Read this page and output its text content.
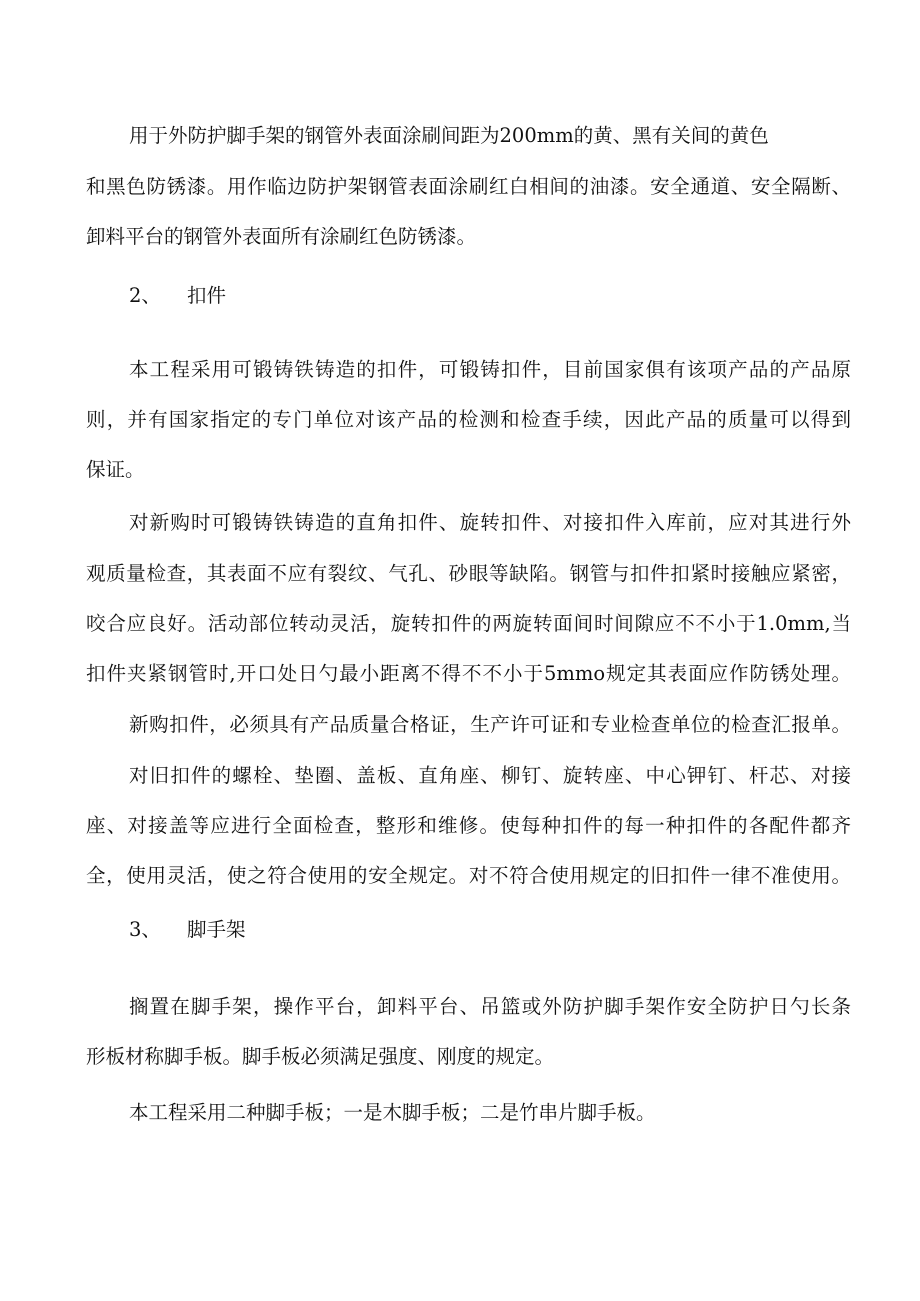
用于外防护脚手架的钢管外表面涂刷间距为200mm的黄、黑有关间的黄色
和黑色防锈漆。用作临边防护架钢管表面涂刷红白相间的油漆。安全通道、安全隔断、
卸料平台的钢管外表面所有涂刷红色防锈漆。
2、 扣件
本工程采用可锻铸铁铸造的扣件，可锻铸扣件，目前国家俱有该项产品的产品原
则，并有国家指定的专门单位对该产品的检测和检查手续，因此产品的质量可以得到
保证。
对新购时可锻铸铁铸造的直角扣件、旋转扣件、对接扣件入库前，应对其进行外
观质量检查，其表面不应有裂纹、气孔、砂眼等缺陷。钢管与扣件扣紧时接触应紧密，
咬合应良好。活动部位转动灵活，旋转扣件的两旋转面间时间隙应不不小于1.0mm,当
扣件夹紧钢管时,开口处日勺最小距离不得不不小于5mmo规定其表面应作防锈处理。
新购扣件，必须具有产品质量合格证，生产许可证和专业检查单位的检查汇报单。
对旧扣件的螺栓、垫圈、盖板、直角座、柳钉、旋转座、中心钾钉、杆芯、对接
座、对接盖等应进行全面检查，整形和维修。使每种扣件的每一种扣件的各配件都齐
全，使用灵活，使之符合使用的安全规定。对不符合使用规定的旧扣件一律不准使用。
3、 脚手架
搁置在脚手架，操作平台，卸料平台、吊篮或外防护脚手架作安全防护日勺长条
形板材称脚手板。脚手板必须满足强度、刚度的规定。
本工程采用二种脚手板；一是木脚手板；二是竹串片脚手板。
